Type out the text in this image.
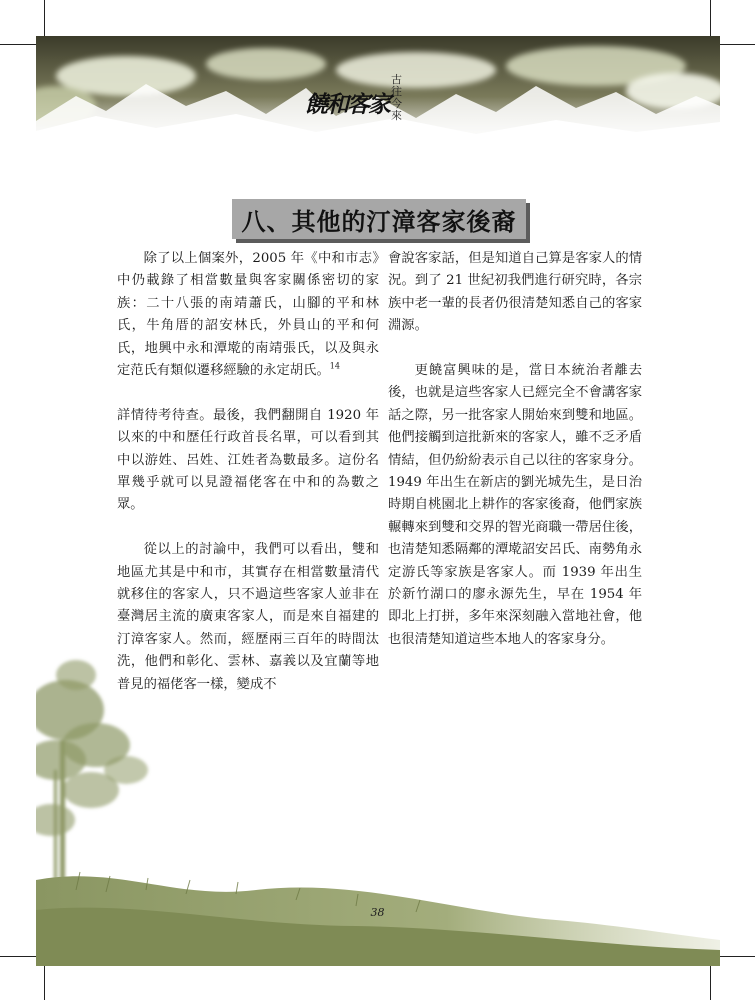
饒和客家
古
往
今
來
八、其他的汀漳客家後裔

除了以上個案外，2005 年《中和市志》中仍載錄了相當數量與客家關係密切的家族：二十八張的南靖蕭氏，山腳的平和林氏，牛角厝的詔安林氏，外員山的平和何氏，地興中永和潭墘的南靖張氏，以及與永定范氏有類似遷移經驗的永定胡氏。$^{14}$

詳情待考待查。最後，我們翻開自 1920 年以來的中和歷任行政首長名單，可以看到其中以游姓、呂姓、江姓者為數最多。這份名單幾乎就可以見證福佬客在中和的為數之眾。

從以上的討論中，我們可以看出，雙和地區尤其是中和市，其實存在相當數量清代就移住的客家人，只不過這些客家人並非在臺灣居主流的廣東客家人，而是來自福建的汀漳客家人。然而，經歷兩三百年的時間汰洗，他們和彰化、雲林、嘉義以及宜蘭等地普見的福佬客一樣，變成不

會說客家話，但是知道自己算是客家人的情況。到了 21 世紀初我們進行研究時，各宗族中老一輩的長者仍很清楚知悉自己的客家淵源。

更饒富興味的是，當日本統治者離去後，也就是這些客家人已經完全不會講客家話之際，另一批客家人開始來到雙和地區。他們接觸到這批新來的客家人，雖不乏矛盾情結，但仍紛紛表示自己以往的客家身分。1949 年出生在新店的劉光城先生，是日治時期自桃園北上耕作的客家後裔，他們家族輾轉來到雙和交界的智光商職一帶居住後，也清楚知悉隔鄰的潭墘詔安呂氏、南勢角永定游氏等家族是客家人。而 1939 年出生於新竹湖口的廖永源先生，早在 1954 年即北上打拼，多年來深刻融入當地社會，他也很清楚知道這些本地人的客家身分。

38
